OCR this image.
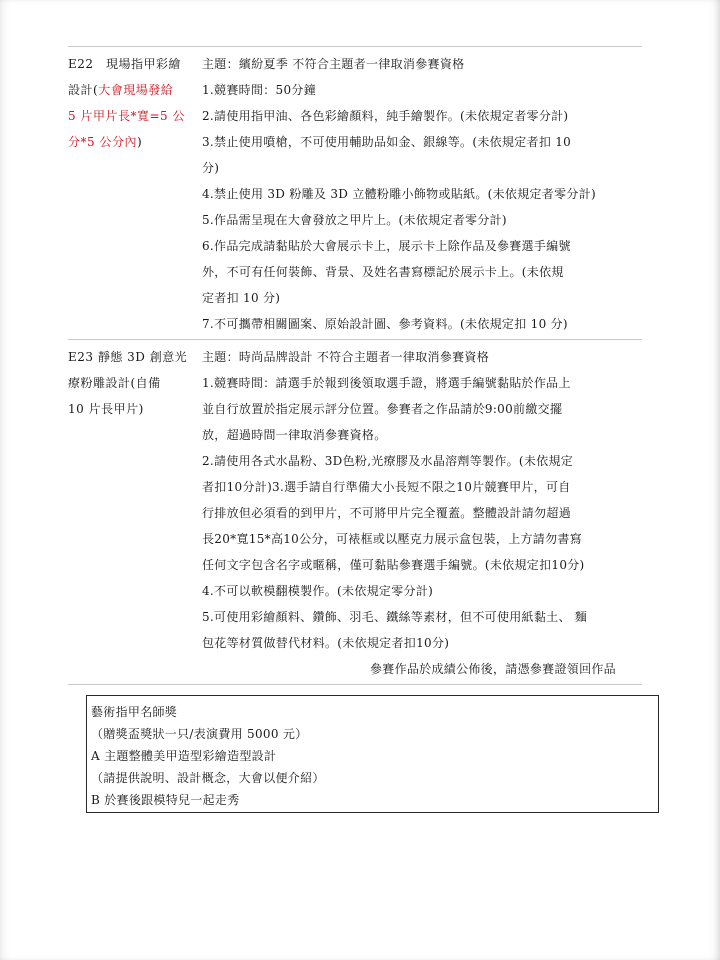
E22　現場指甲彩繪
設計(大會現場發給
5 片甲片長*寬=5 公
分*5 公分內)
主題：繽紛夏季 不符合主題者一律取消參賽資格
1.競賽時間：50分鐘
2.請使用指甲油、各色彩繪顏料，純手繪製作。(未依規定者零分計)
3.禁止使用噴槍，不可使用輔助品如金、銀線等。(未依規定者扣 10
分)
4.禁止使用 3D 粉雕及 3D 立體粉雕小飾物或貼紙。(未依規定者零分計)
5.作品需呈現在大會發放之甲片上。(未依規定者零分計)
6.作品完成請黏貼於大會展示卡上，展示卡上除作品及參賽選手編號
外，不可有任何裝飾、背景、及姓名書寫標記於展示卡上。(未依規
定者扣 10 分)
7.不可攜帶相關圖案、原始設計圖、參考資料。(未依規定扣 10 分)
E23 靜態 3D 創意光
療粉雕設計(自備
10 片長甲片)
主題：時尚品牌設計 不符合主題者一律取消參賽資格
1.競賽時間：請選手於報到後領取選手證，將選手編號黏貼於作品上
並自行放置於指定展示評分位置。參賽者之作品請於9:00前繳交擺
放，超過時間一律取消參賽資格。
2.請使用各式水晶粉、3D色粉,光療膠及水晶溶劑等製作。(未依規定
者扣10分計)3.選手請自行準備大小長短不限之10片競賽甲片，可自
行排放但必須看的到甲片，不可將甲片完全覆蓋。整體設計請勿超過
長20*寬15*高10公分，可裱框或以壓克力展示盒包裝，上方請勿書寫
任何文字包含名字或暱稱，僅可黏貼參賽選手編號。(未依規定扣10分)
4.不可以軟模翻模製作。(未依規定零分計)
5.可使用彩繪顏料、鑽飾、羽毛、鐵絲等素材，但不可使用紙黏土、 麵
包花等材質做替代材料。(未依規定者扣10分)
參賽作品於成績公佈後，請憑參賽證領回作品
藝術指甲名師獎
（贈獎盃獎狀一只/表演費用 5000 元）
A 主題整體美甲造型彩繪造型設計
（請提供說明、設計概念，大會以便介紹）
B 於賽後跟模特兒一起走秀
